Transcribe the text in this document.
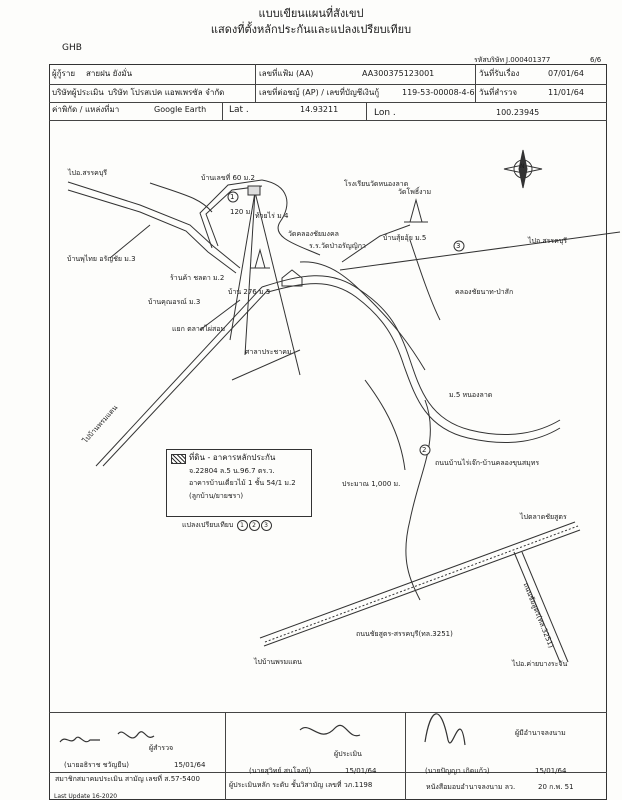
แบบเขียนแผนที่สังเขป
แสดงที่ตั้งหลักประกันและแปลงเปรียบเทียบ
GHB
รหัสบริษัท J.000401377	6/6
ผู้กู้ราย สายฝน ยังมั่น	เลขที่แฟ้ม (AA)	AA300375123001	วันที่รับเรื่อง	07/01/64
บริษัทผู้ประเมิน บริษัท โปรสเปค แอพเพรซัล จำกัด	เลขที่ต่อชญ์ (AP) / เลขที่บัญชีเงินกู้	119-53-00008-4-6 วันที่สำรวจ	11/01/64
ค่าพิกัด / แหล่งที่มา	Google Earth	Lat .	14.93211	Lon .	100.23945
1
3
2
N
ไปอ.สรรคบุรี
บ้านเลขที่ 60 ม.2
120 ม. ท้ายไร่ ม.4
วัดคลองชัยมงคล
วัดโพธิ์งาม
โรงเรียนวัดหนองลาด
บ้านสุ้ยอุ้ย ม.5
บ้านพุไทย อรัญชัย ม.3
ร.ร.วัดป่าอรัญญิกา
ไปอ.สรรคบุรี
คลองชัยนาท-ป่าสัก
ร้านค้า ชลดา ม.2
บ้าน 276 ม.3
บ้านคุณอรณ์ ม.3
แยก ตลาดไผ่สอม
ศาลาประชาคม
ม.5 หนองลาด
ถนนบ้านไร่เจ๊ก-บ้านคลองขุนสมุทร
ประมาณ 1,000 ม.
ไปตลาดชัยสูตร
ถนนชัยสูตร-สรรคบุรี(ทล.3251)
ไปบ้านพรมแดน	ไปอ.ค่ายบางระจัน
ไปบ้านพรมแดน
ถนนชัยสูตร(ทล.3251)
ที่ดิน - อาคารหลักประกัน
จ.22804 ล.5 น.96.7 ตร.ว.
อาคารบ้านเดี่ยวไม้ 1 ชั้น 54/1 ม.2
(ลูกบ้าน/ยายชรา)
แปลงเปรียบเทียบ 1 2 3
ผู้สำรวจ
(นายอธิราช ชวัญยืน)	15/01/64
สมาชิกสมาคมประเมิน สามัญ เลขที่ ส.57-5400
ผู้ประเมิน
(นายสุวิทย์ สนโจงบ์)	15/01/64
ผู้ประเมินหลัก ระดับ ชั้นวิสามัญ เลขที่ วภ.1198
ผู้มีอำนาจลงนาม
(นายปัญญา เกิดแก้ว)	15/01/64
หนังสือมอบอำนาจลงนาม ลว.	20 ก.พ. 51
Last Update 16-2020
